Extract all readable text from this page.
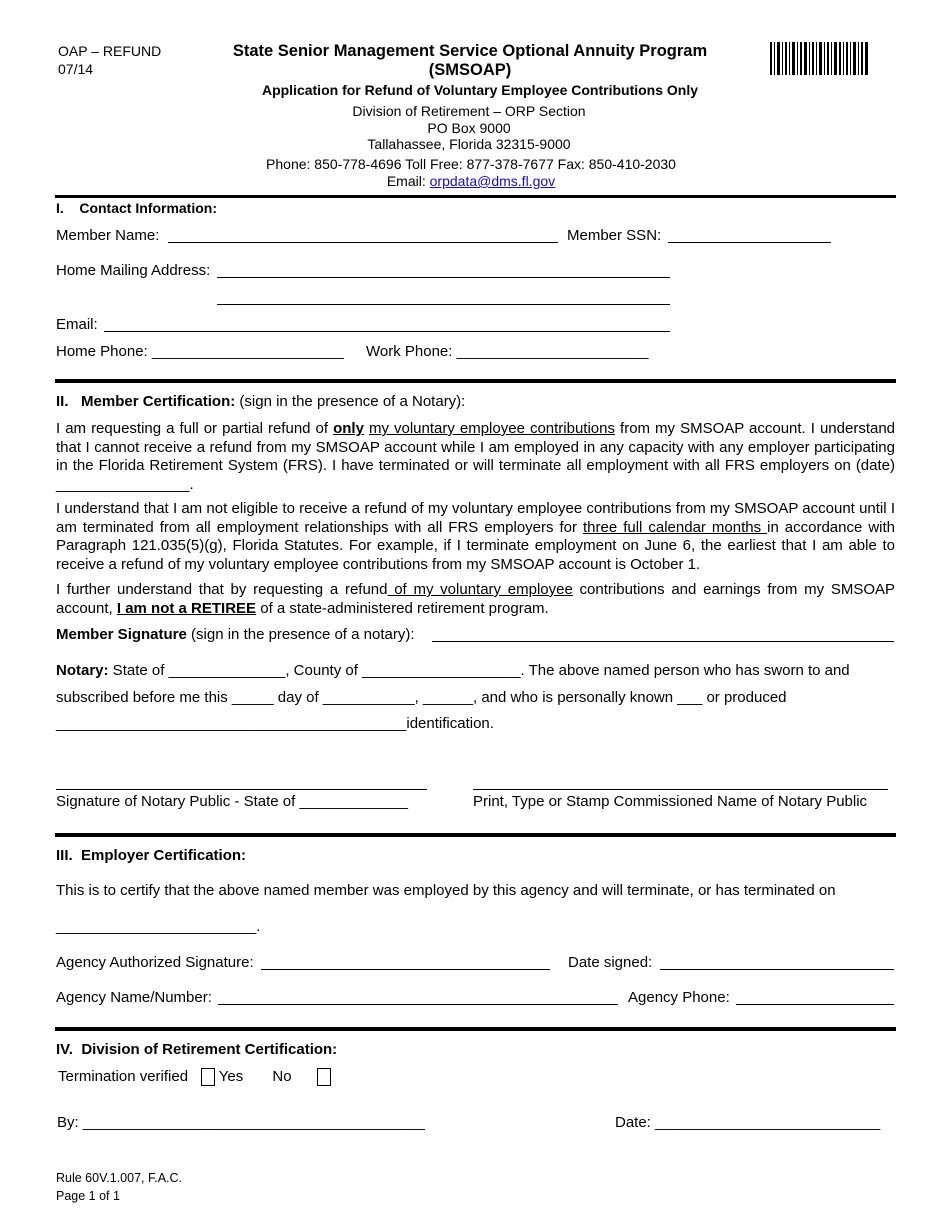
OAP – REFUND
07/14
State Senior Management Service Optional Annuity Program
(SMSOAP)
Application for Refund of Voluntary Employee Contributions Only
Division of Retirement – ORP Section
PO Box 9000
Tallahassee, Florida 32315-9000
Phone: 850-778-4696 Toll Free: 877-378-7677 Fax: 850-410-2030
Email: orpdata@dms.fl.gov
I. Contact Information:
Member Name:	Member SSN:
Home Mailing Address:
Email:
Home Phone: _______________________ Work Phone: _______________________
II. Member Certification: (sign in the presence of a Notary):
I am requesting a full or partial refund of only my voluntary employee contributions from my SMSOAP account. I understand that I cannot receive a refund from my SMSOAP account while I am employed in any capacity with any employer participating in the Florida Retirement System (FRS). I have terminated or will terminate all employment with all FRS employers on (date) ________________.
I understand that I am not eligible to receive a refund of my voluntary employee contributions from my SMSOAP account until I am terminated from all employment relationships with all FRS employers for three full calendar months in accordance with Paragraph 121.035(5)(g), Florida Statutes. For example, if I terminate employment on June 6, the earliest that I am able to receive a refund of my voluntary employee contributions from my SMSOAP account is October 1.
I further understand that by requesting a refund of my voluntary employee contributions and earnings from my SMSOAP account, I am not a RETIREE of a state-administered retirement program.
Member Signature (sign in the presence of a notary):
Notary: State of ______________, County of ___________________. The above named person who has sworn to and
subscribed before me this _____ day of ___________, ______, and who is personally known ___ or produced
__________________________________________identification.
Signature of Notary Public - State of _____________	Print, Type or Stamp Commissioned Name of Notary Public
III. Employer Certification:
This is to certify that the above named member was employed by this agency and will terminate, or has terminated on
________________________.
Agency Authorized Signature:	Date signed:
Agency Name/Number:	Agency Phone:
IV. Division of Retirement Certification:
Termination verified Yes No
By: _________________________________________	Date: ___________________________
Rule 60V.1.007, F.A.C.
Page 1 of 1
